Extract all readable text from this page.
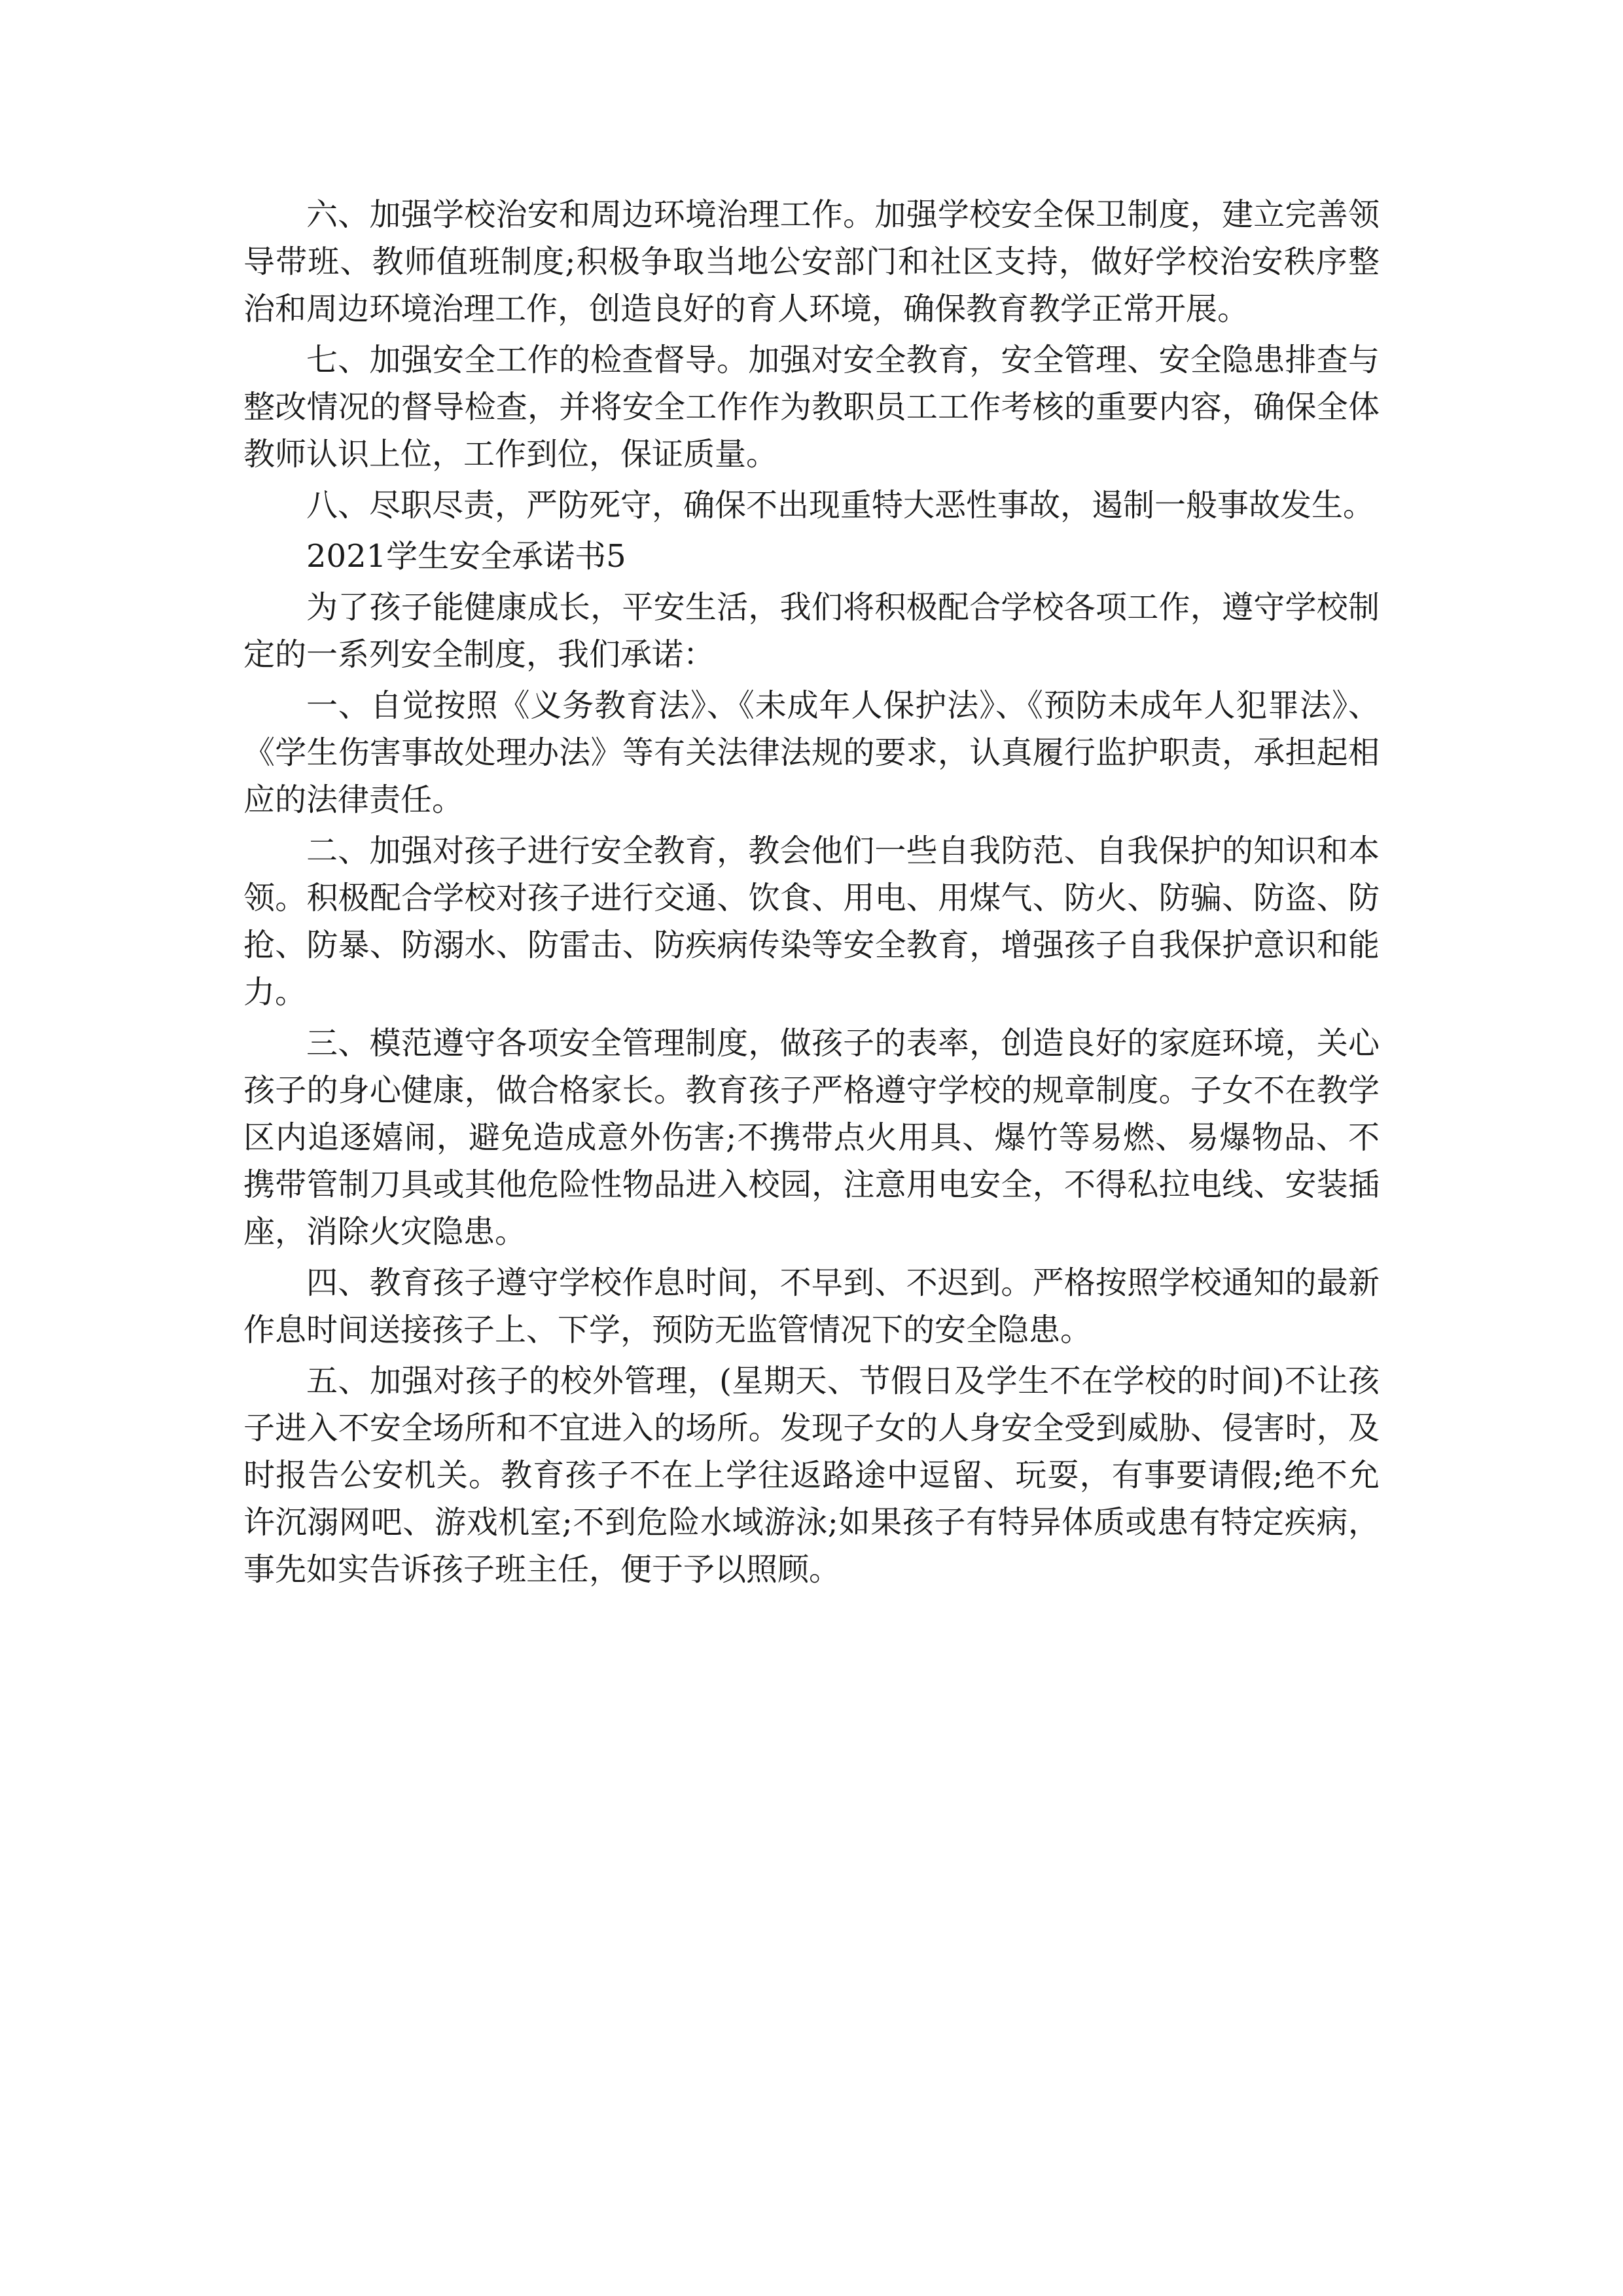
六、加强学校治安和周边环境治理工作。加强学校安全保卫制度，建立完善领导带班、教师值班制度;积极争取当地公安部门和社区支持，做好学校治安秩序整治和周边环境治理工作，创造良好的育人环境，确保教育教学正常开展。

七、加强安全工作的检查督导。加强对安全教育，安全管理、安全隐患排查与整改情况的督导检查，并将安全工作作为教职员工工作考核的重要内容，确保全体教师认识上位，工作到位，保证质量。

八、尽职尽责，严防死守，确保不出现重特大恶性事故，遏制一般事故发生。

2021学生安全承诺书5

为了孩子能健康成长，平安生活，我们将积极配合学校各项工作，遵守学校制定的一系列安全制度，我们承诺：

一、自觉按照《义务教育法》、《未成年人保护法》、《预防未成年人犯罪法》、《学生伤害事故处理办法》等有关法律法规的要求，认真履行监护职责，承担起相应的法律责任。

二、加强对孩子进行安全教育，教会他们一些自我防范、自我保护的知识和本领。积极配合学校对孩子进行交通、饮食、用电、用煤气、防火、防骗、防盗、防抢、防暴、防溺水、防雷击、防疾病传染等安全教育，增强孩子自我保护意识和能力。

三、模范遵守各项安全管理制度，做孩子的表率，创造良好的家庭环境，关心孩子的身心健康，做合格家长。教育孩子严格遵守学校的规章制度。子女不在教学区内追逐嬉闹，避免造成意外伤害;不携带点火用具、爆竹等易燃、易爆物品、不携带管制刀具或其他危险性物品进入校园，注意用电安全，不得私拉电线、安装插座，消除火灾隐患。

四、教育孩子遵守学校作息时间，不早到、不迟到。严格按照学校通知的最新作息时间送接孩子上、下学，预防无监管情况下的安全隐患。

五、加强对孩子的校外管理，(星期天、节假日及学生不在学校的时间)不让孩子进入不安全场所和不宜进入的场所。发现子女的人身安全受到威胁、侵害时，及时报告公安机关。教育孩子不在上学往返路途中逗留、玩耍，有事要请假;绝不允许沉溺网吧、游戏机室;不到危险水域游泳;如果孩子有特异体质或患有特定疾病，事先如实告诉孩子班主任，便于予以照顾。
